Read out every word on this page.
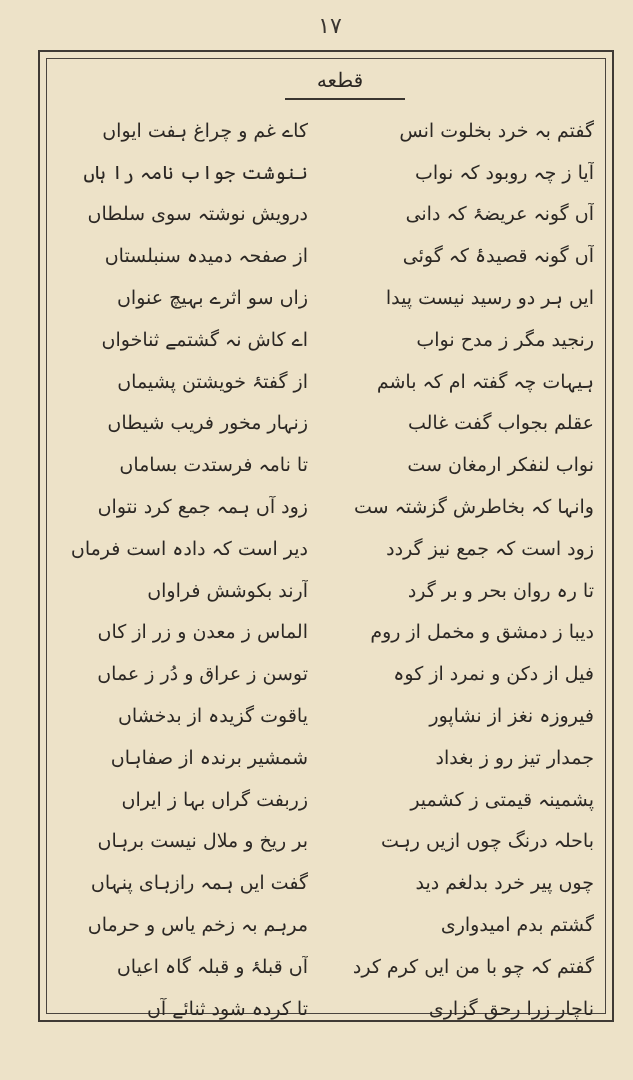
۱۷
قطعه
گفتم بہ خرد بخلوت انس
کاے غم و چراغ ہفت ایواں
آیا ز چہ روبود کہ نواب
ننوشت جواب نامہ را ہاں
آں گونہ عریضۂ کہ دانی
درویش نوشتہ سوی سلطاں
آں گونہ قصیدۂ کہ گوئی
از صفحہ دمیدہ سنبلستاں
ایں ہر دو رسید نیست پیدا
زاں سو اثرے بہیچ عنواں
رنجید مگر ز مدح نواب
اے کاش نہ گشتمے ثناخواں
ہیہات چہ گفتہ ام کہ باشم
از گفتۂ خویشتن پشیماں
عقلم بجواب گفت غالب
زنہار مخور فریب شیطاں
نواب لنفکر ارمغان ست
تا نامہ فرستدت بساماں
وانہا کہ بخاطرش گزشتہ ست
زود آں ہمہ جمع کرد نتواں
زود است کہ جمع نیز گردد
دیر است کہ دادہ است فرماں
تا رہ روان بحر و بر گرد
آرند بکوششِ فراواں
دیبا ز دمشق و مخمل از روم
الماس ز معدن و زر از کاں
فیل از دکن و نمرد از کوہ
توسن ز عراق و دُر ز عماں
فیروزہ نغز از نشاپور
یاقوت گزیدہ از بدخشاں
جمدار تیز رو ز بغداد
شمشیر برندہ از صفاہاں
پشمینہ قیمتی ز کشمیر
زربفت گراں بہا ز ایراں
باحلہ درنگ چوں ازیں رہت
بر ریخ و ملال نیست برہاں
چوں پیر خرد بدلغم دید
گفت ایں ہمہ رازہای پنہاں
گشتم بدم امیدواری
مرہم بہ زخم یاس و حرماں
گفتم کہ چو با من ایں کرم کرد
آں قبلۂ و قبلہ گاہ اعیاں
ناچار زرا رحق گزاری
تا کردہ شود ثنائے آں
